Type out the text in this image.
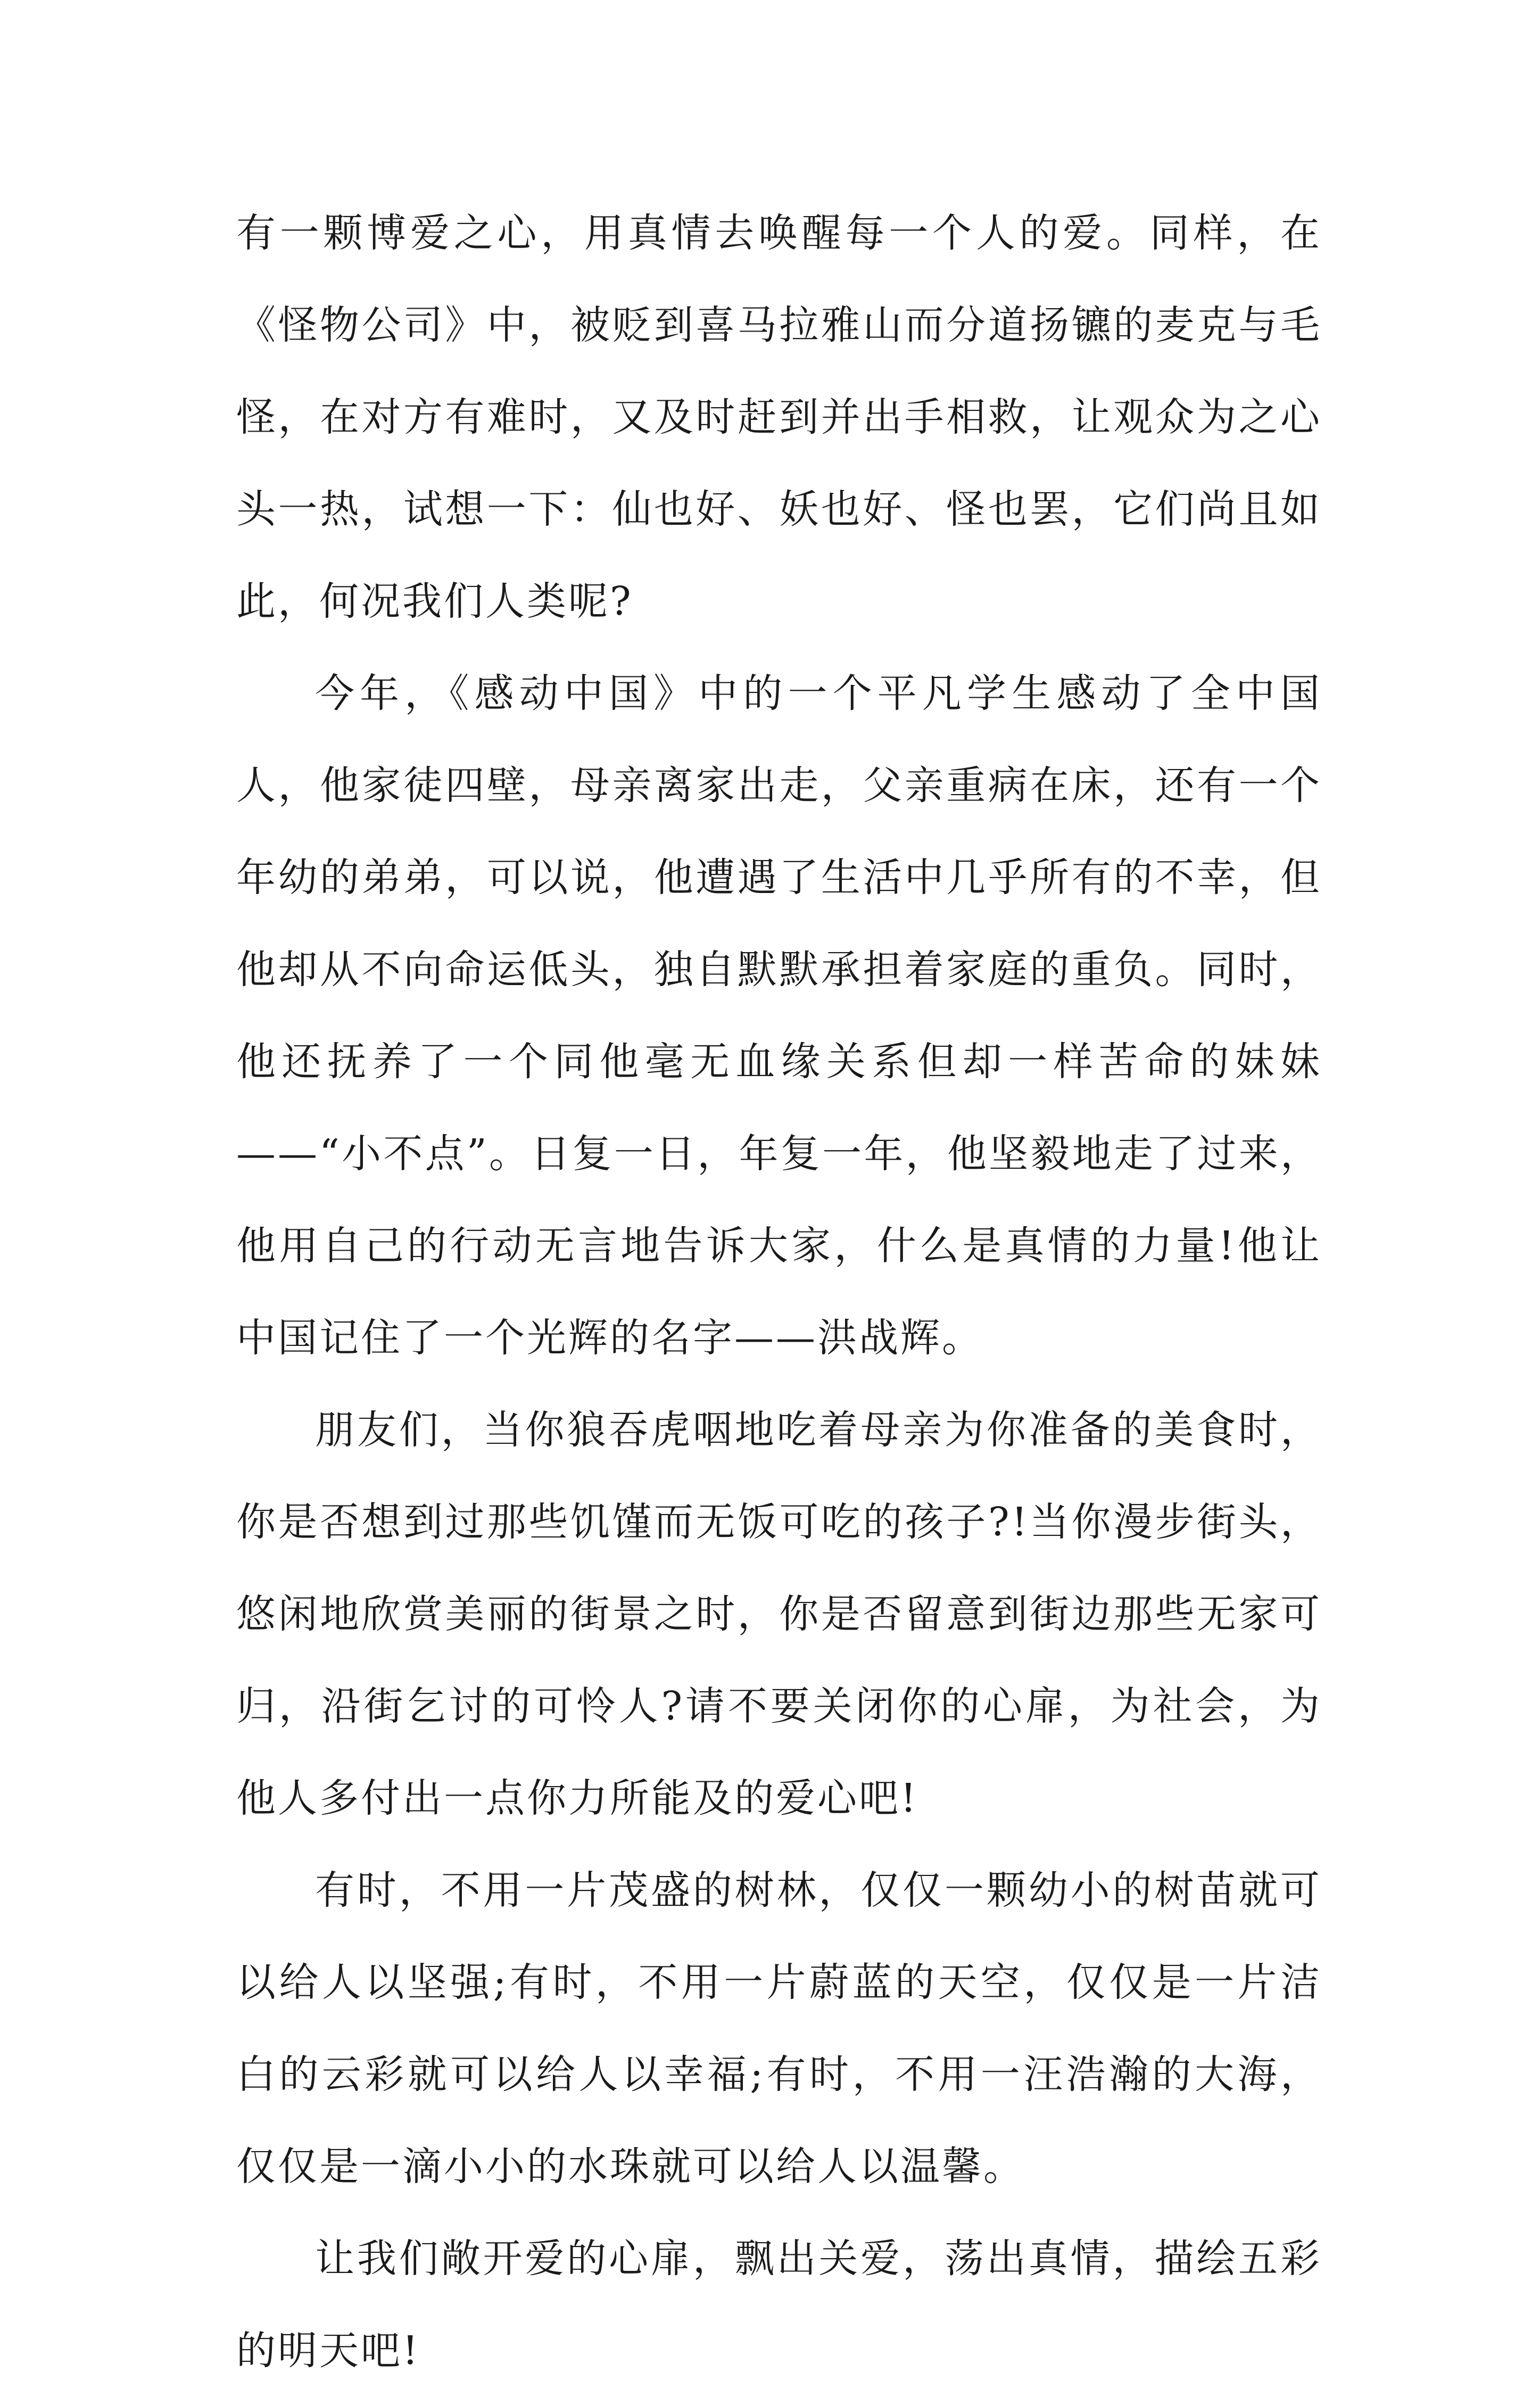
有一颗博爱之心，用真情去唤醒每一个人的爱。同样，在《怪物公司》中，被贬到喜马拉雅山而分道扬镳的麦克与毛怪，在对方有难时，又及时赶到并出手相救，让观众为之心头一热，试想一下：仙也好、妖也好、怪也罢，它们尚且如此，何况我们人类呢?

今年，《感动中国》中的一个平凡学生感动了全中国人，他家徒四壁，母亲离家出走，父亲重病在床，还有一个年幼的弟弟，可以说，他遭遇了生活中几乎所有的不幸，但他却从不向命运低头，独自默默承担着家庭的重负。同时，他还抚养了一个同他毫无血缘关系但却一样苦命的妹妹——“小不点”。日复一日，年复一年，他坚毅地走了过来，他用自己的行动无言地告诉大家，什么是真情的力量!他让中国记住了一个光辉的名字——洪战辉。

朋友们，当你狼吞虎咽地吃着母亲为你准备的美食时，你是否想到过那些饥馑而无饭可吃的孩子?!当你漫步街头，悠闲地欣赏美丽的街景之时，你是否留意到街边那些无家可归，沿街乞讨的可怜人?请不要关闭你的心扉，为社会，为他人多付出一点你力所能及的爱心吧!

有时，不用一片茂盛的树林，仅仅一颗幼小的树苗就可以给人以坚强;有时，不用一片蔚蓝的天空，仅仅是一片洁白的云彩就可以给人以幸福;有时，不用一汪浩瀚的大海，仅仅是一滴小小的水珠就可以给人以温馨。

让我们敞开爱的心扉，飘出关爱，荡出真情，描绘五彩的明天吧!
